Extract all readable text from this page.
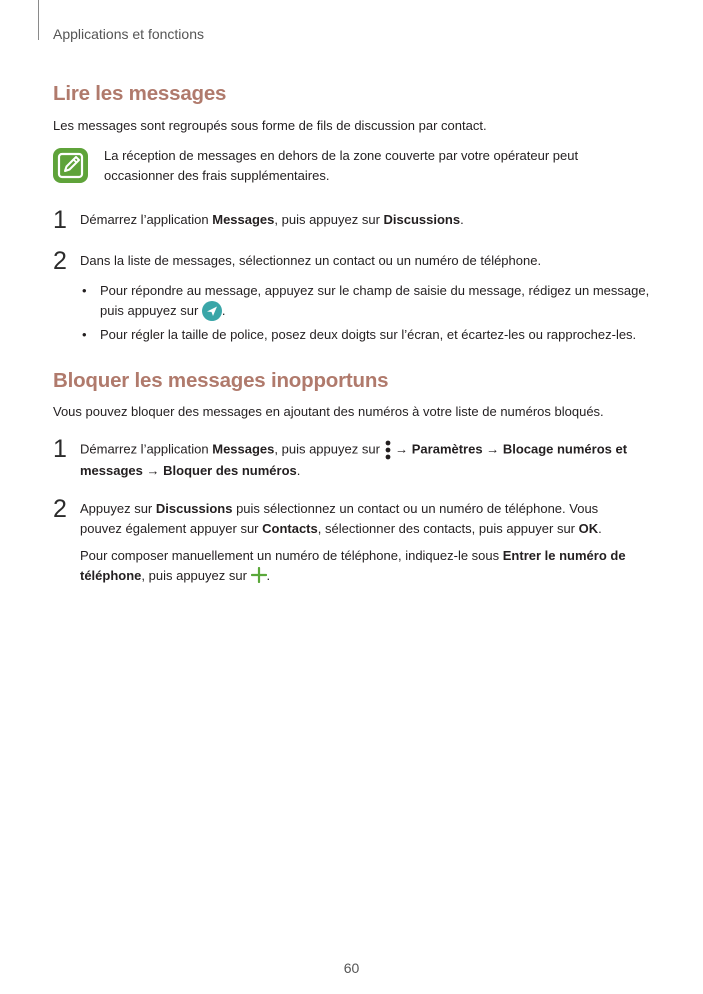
Applications et fonctions
Lire les messages
Les messages sont regroupés sous forme de fils de discussion par contact.
La réception de messages en dehors de la zone couverte par votre opérateur peut
occasionner des frais supplémentaires.
1 Démarrez l’application Messages, puis appuyez sur Discussions.
2 Dans la liste de messages, sélectionnez un contact ou un numéro de téléphone.
• Pour répondre au message, appuyez sur le champ de saisie du message, rédigez un message,
puis appuyez sur .
• Pour régler la taille de police, posez deux doigts sur l’écran, et écartez-les ou rapprochez-les.
Bloquer les messages inopportuns
Vous pouvez bloquer des messages en ajoutant des numéros à votre liste de numéros bloqués.
1 Démarrez l’application Messages, puis appuyez sur  → Paramètres → Blocage numéros et
messages → Bloquer des numéros.
2 Appuyez sur Discussions puis sélectionnez un contact ou un numéro de téléphone. Vous
pouvez également appuyer sur Contacts, sélectionner des contacts, puis appuyer sur OK.
Pour composer manuellement un numéro de téléphone, indiquez-le sous Entrer le numéro de
téléphone, puis appuyez sur .
60
